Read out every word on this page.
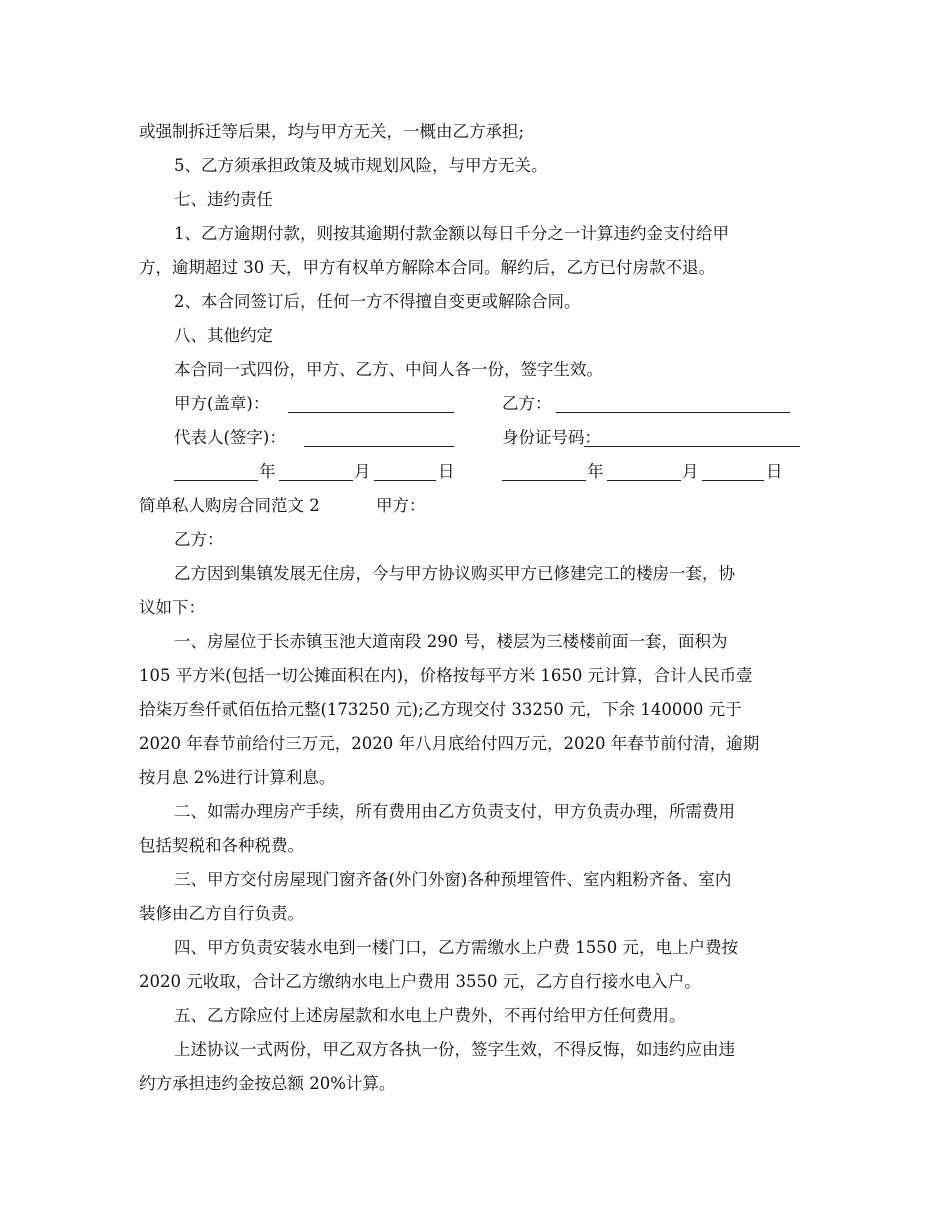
或强制拆迁等后果，均与甲方无关，一概由乙方承担;
5、乙方须承担政策及城市规划风险，与甲方无关。
七、违约责任
1、乙方逾期付款，则按其逾期付款金额以每日千分之一计算违约金支付给甲
方，逾期超过 30 天，甲方有权单方解除本合同。解约后，乙方已付房款不退。
2、本合同签订后，任何一方不得擅自变更或解除合同。
八、其他约定
本合同一式四份，甲方、乙方、中间人各一份，签字生效。
甲方(盖章)：	乙方：
代表人(签字)：	身份证号码：
年	月	日	年	月	日
简单私人购房合同范文 2	甲方：
乙方：
乙方因到集镇发展无住房，今与甲方协议购买甲方已修建完工的楼房一套，协
议如下：
一、房屋位于长赤镇玉池大道南段 290 号，楼层为三楼楼前面一套，面积为
105 平方米(包括一切公摊面积在内)，价格按每平方米 1650 元计算，合计人民币壹
拾柒万叁仟贰佰伍拾元整(173250 元);乙方现交付 33250 元，下余 140000 元于
2020 年春节前给付三万元，2020 年八月底给付四万元，2020 年春节前付清，逾期
按月息 2%进行计算利息。
二、如需办理房产手续，所有费用由乙方负责支付，甲方负责办理，所需费用
包括契税和各种税费。
三、甲方交付房屋现门窗齐备(外门外窗)各种预埋管件、室内粗粉齐备、室内
装修由乙方自行负责。
四、甲方负责安装水电到一楼门口，乙方需缴水上户费 1550 元，电上户费按
2020 元收取，合计乙方缴纳水电上户费用 3550 元，乙方自行接水电入户。
五、乙方除应付上述房屋款和水电上户费外，不再付给甲方任何费用。
上述协议一式两份，甲乙双方各执一份，签字生效，不得反悔，如违约应由违
约方承担违约金按总额 20%计算。
